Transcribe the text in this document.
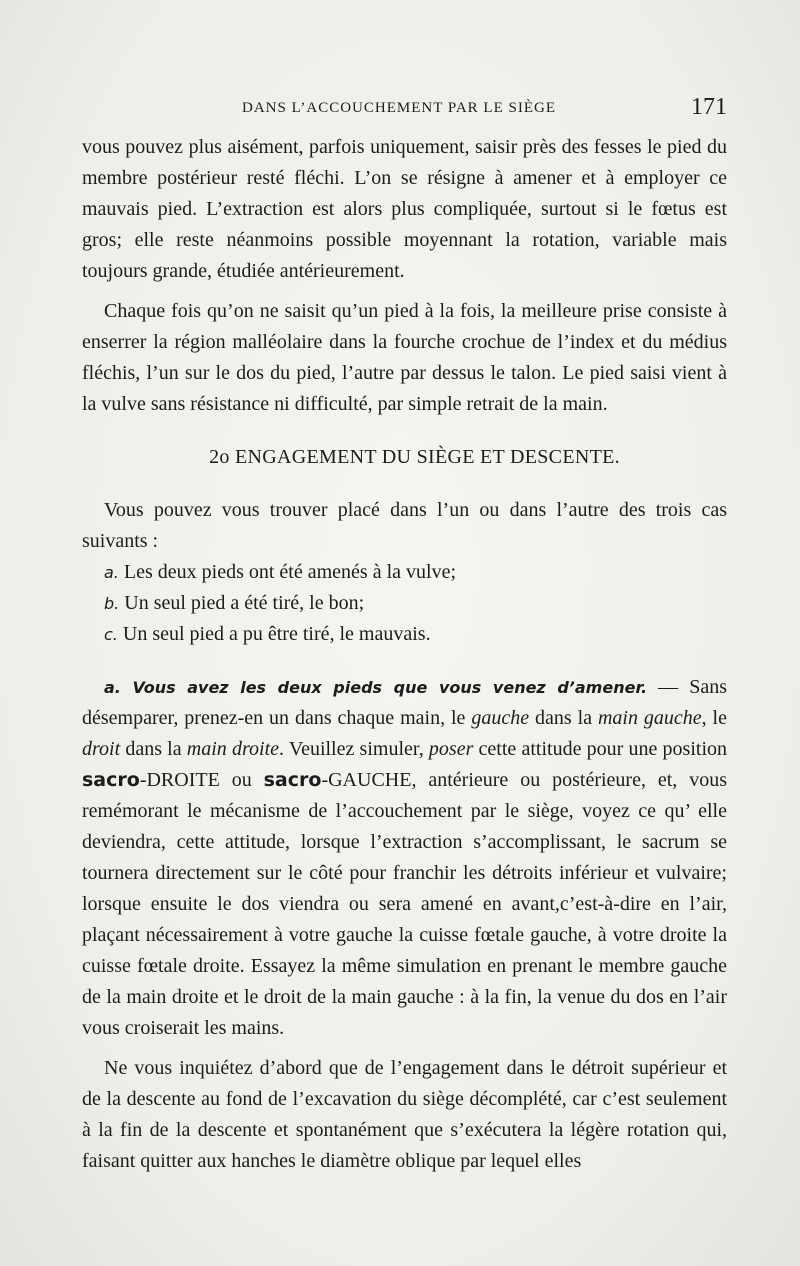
DANS L’ACCOUCHEMENT PAR LE SIÈGE	171

vous pouvez plus aisément, parfois uniquement, saisir près des fesses le pied du membre postérieur resté fléchi. L’on se résigne à amener et à employer ce mauvais pied. L’extraction est alors plus compliquée, surtout si le fœtus est gros; elle reste néanmoins possible moyennant la rotation, variable mais toujours grande, étudiée antérieurement.

Chaque fois qu’on ne saisit qu’un pied à la fois, la meilleure prise consiste à enserrer la région malléolaire dans la fourche crochue de l’index et du médius fléchis, l’un sur le dos du pied, l’autre par dessus le talon. Le pied saisi vient à la vulve sans résistance ni difficulté, par simple retrait de la main.

2o ENGAGEMENT DU SIÈGE ET DESCENTE.

Vous pouvez vous trouver placé dans l’un ou dans l’autre des trois cas suivants :

a. Les deux pieds ont été amenés à la vulve;

b. Un seul pied a été tiré, le bon;

c. Un seul pied a pu être tiré, le mauvais.

a. Vous avez les deux pieds que vous venez d’amener. — Sans désemparer, prenez-en un dans chaque main, le gauche dans la main gauche, le droit dans la main droite. Veuillez simuler, poser cette attitude pour une position sacro-DROITE ou sacro-GAUCHE, antérieure ou postérieure, et, vous remémorant le mécanisme de l’accouchement par le siège, voyez ce qu’ elle deviendra, cette attitude, lorsque l’extraction s’accomplissant, le sacrum se tournera directement sur le côté pour franchir les détroits inférieur et vulvaire; lorsque ensuite le dos viendra ou sera amené en avant,c’est-à-dire en l’air, plaçant nécessairement à votre gauche la cuisse fœtale gauche, à votre droite la cuisse fœtale droite. Essayez la même simulation en prenant le membre gauche de la main droite et le droit de la main gauche : à la fin, la venue du dos en l’air vous croiserait les mains.

Ne vous inquiétez d’abord que de l’engagement dans le détroit supérieur et de la descente au fond de l’excavation du siège décomplété, car c’est seulement à la fin de la descente et spontanément que s’exécutera la légère rotation qui, faisant quitter aux hanches le diamètre oblique par lequel elles
